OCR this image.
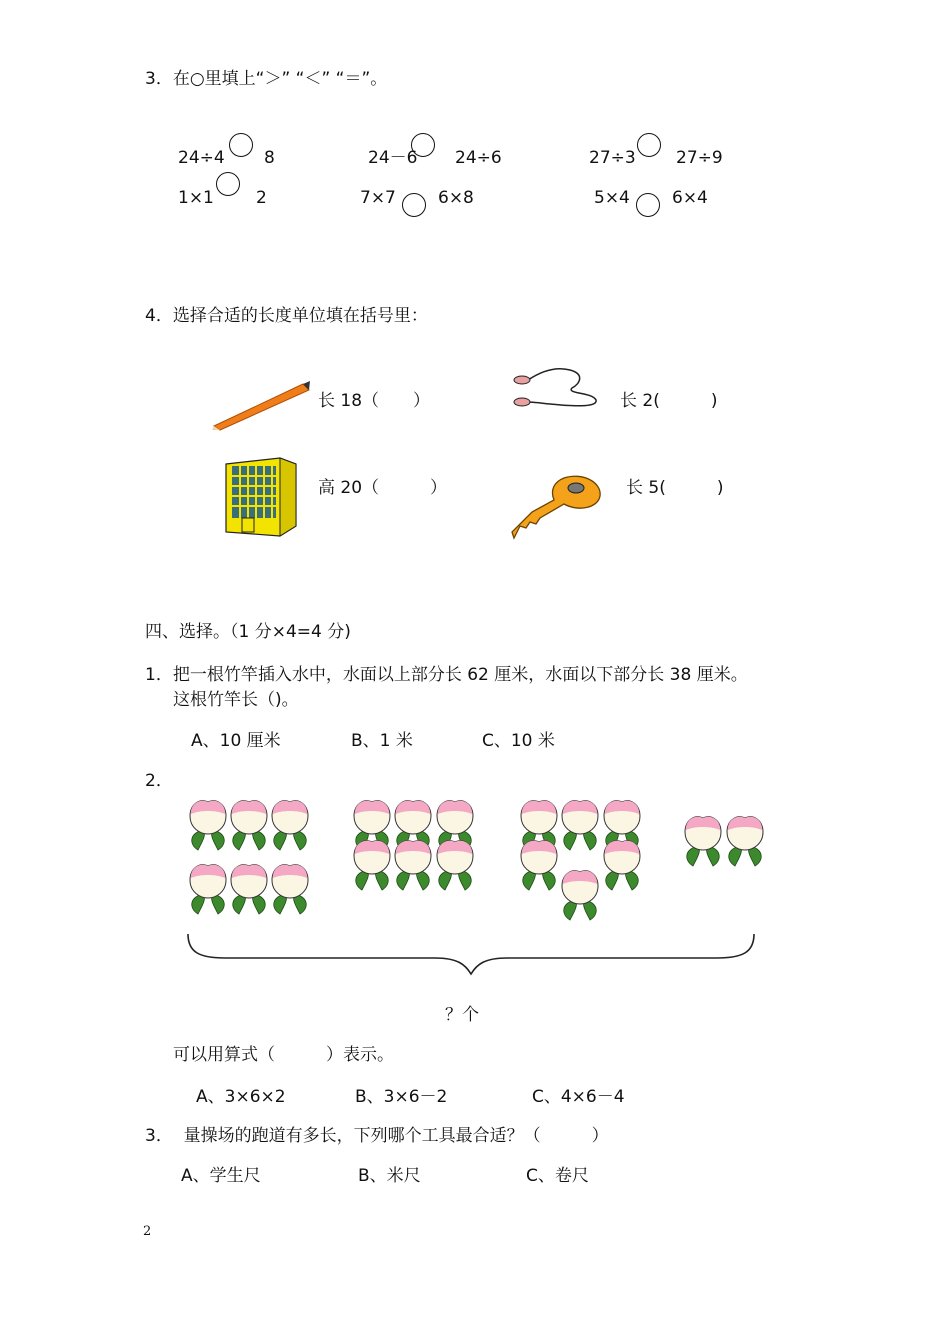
3．在○里填上“＞” “＜” “＝”。
24÷4 8	24－6 24÷6	27÷3 27÷9
1×1 2	7×7 6×8	5×4 6×4
4．选择合适的长度单位填在括号里：
长 18（　　）	长 2(　　　)
高 20（　　　）	长 5(　　　)
四、选择。（1 分×4=4 分)
1．把一根竹竿插入水中，水面以上部分长 62 厘米，水面以下部分长 38 厘米。
这根竹竿长（)。
A、10 厘米	B、1 米	C、10 米
2．
？个
可以用算式（　　　）表示。
A、3×6×2	B、3×6－2	C、4×6－4
3．  量操场的跑道有多长，下列哪个工具最合适？（　　　）
A、学生尺	B、米尺	C、卷尺
2
